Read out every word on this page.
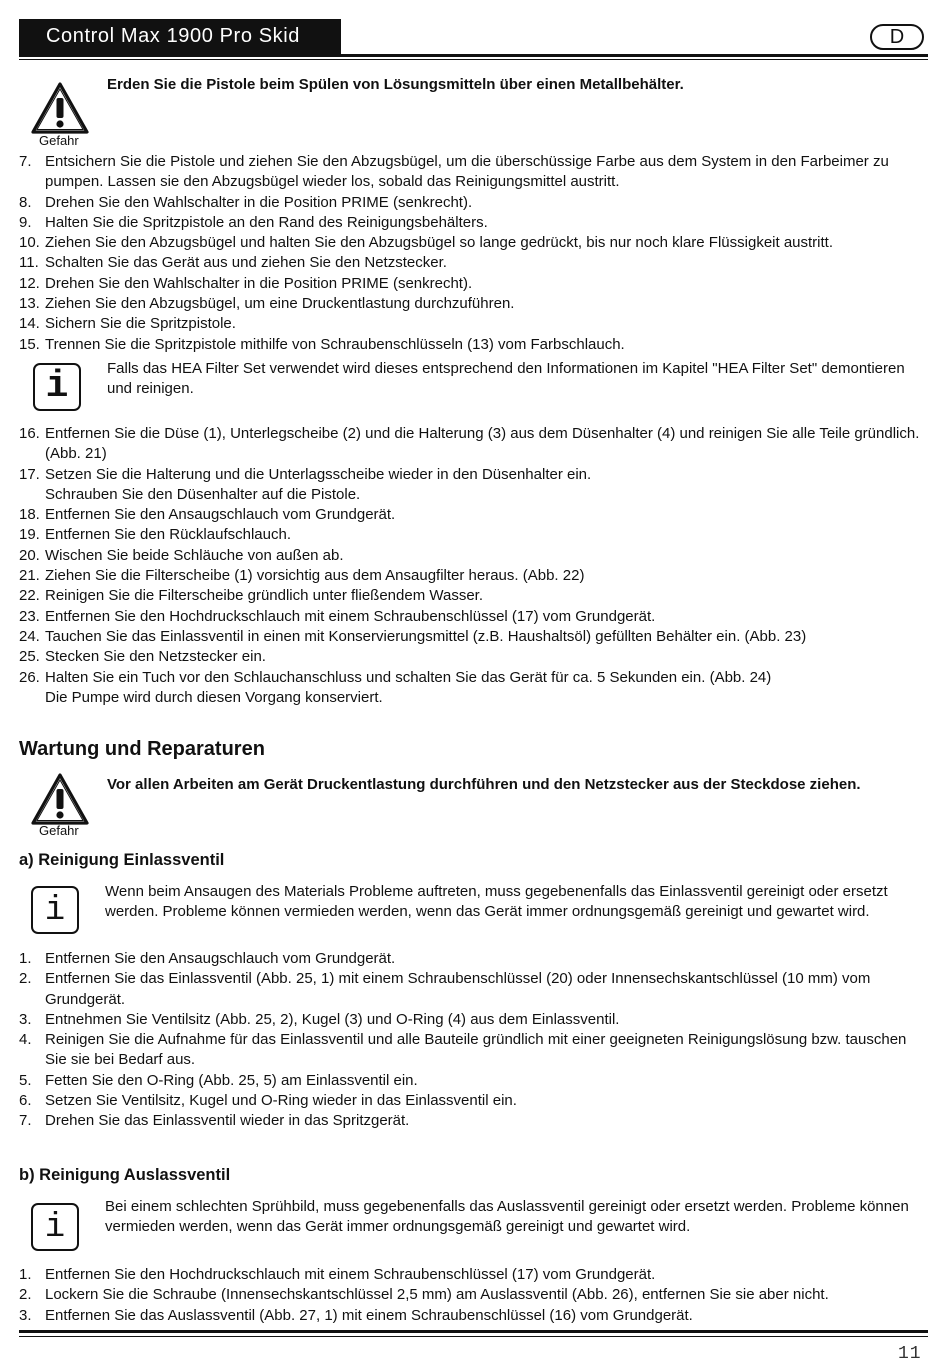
Control Max 1900 Pro Skid	D
Gefahr
Erden Sie die Pistole beim Spülen von Lösungsmitteln über einen Metallbehälter.
7. Entsichern Sie die Pistole und ziehen Sie den Abzugsbügel, um die überschüssige Farbe aus dem System in den Farbeimer zu pumpen. Lassen sie den Abzugsbügel wieder los, sobald das Reinigungsmittel austritt.
8. Drehen Sie den Wahlschalter in die Position PRIME (senkrecht).
9. Halten Sie die Spritzpistole an den Rand des Reinigungsbehälters.
10. Ziehen Sie den Abzugsbügel und halten Sie den Abzugsbügel so lange gedrückt, bis nur noch klare Flüssigkeit austritt.
11. Schalten Sie das Gerät aus und ziehen Sie den Netzstecker.
12. Drehen Sie den Wahlschalter in die Position PRIME (senkrecht).
13. Ziehen Sie den Abzugsbügel, um eine Druckentlastung durchzuführen.
14. Sichern Sie die Spritzpistole.
15. Trennen Sie die Spritzpistole mithilfe von Schraubenschlüsseln (13) vom Farbschlauch.
i	Falls das HEA Filter Set verwendet wird dieses entsprechend den Informationen im Kapitel "HEA Filter Set" demontieren und reinigen.
16. Entfernen Sie die Düse (1), Unterlegscheibe (2) und die Halterung (3) aus dem Düsenhalter (4) und reinigen Sie alle Teile gründlich. (Abb. 21)
17. Setzen Sie die Halterung und die Unterlagsscheibe wieder in den Düsenhalter ein.
Schrauben Sie den Düsenhalter auf die Pistole.
18. Entfernen Sie den Ansaugschlauch vom Grundgerät.
19. Entfernen Sie den Rücklaufschlauch.
20. Wischen Sie beide Schläuche von außen ab.
21. Ziehen Sie die Filterscheibe (1) vorsichtig aus dem Ansaugfilter heraus. (Abb. 22)
22. Reinigen Sie die Filterscheibe gründlich unter fließendem Wasser.
23. Entfernen Sie den Hochdruckschlauch mit einem Schraubenschlüssel (17) vom Grundgerät.
24. Tauchen Sie das Einlassventil in einen mit Konservierungsmittel (z.B. Haushaltsöl) gefüllten Behälter ein. (Abb. 23)
25. Stecken Sie den Netzstecker ein.
26. Halten Sie ein Tuch vor den Schlauchanschluss und schalten Sie das Gerät für ca. 5 Sekunden ein. (Abb. 24)
Die Pumpe wird durch diesen Vorgang konserviert.
Wartung und Reparaturen
Gefahr
Vor allen Arbeiten am Gerät Druckentlastung durchführen und den Netzstecker aus der Steckdose ziehen.
a) Reinigung Einlassventil
i
Wenn beim Ansaugen des Materials Probleme auftreten, muss gegebenenfalls das Einlassventil gereinigt oder ersetzt werden. Probleme können vermieden werden, wenn das Gerät immer ordnungsgemäß gereinigt und gewartet wird.
1. Entfernen Sie den Ansaugschlauch vom Grundgerät.
2. Entfernen Sie das Einlassventil (Abb. 25, 1) mit einem Schraubenschlüssel (20) oder Innensechskantschlüssel (10 mm) vom Grundgerät.
3. Entnehmen Sie Ventilsitz (Abb. 25, 2), Kugel (3) und O-Ring (4) aus dem Einlassventil.
4. Reinigen Sie die Aufnahme für das Einlassventil und alle Bauteile gründlich mit einer geeigneten Reinigungslösung bzw. tauschen Sie sie bei Bedarf aus.
5. Fetten Sie den O-Ring (Abb. 25, 5) am Einlassventil ein.
6. Setzen Sie Ventilsitz, Kugel und O-Ring wieder in das Einlassventil ein.
7. Drehen Sie das Einlassventil wieder in das Spritzgerät.
b) Reinigung Auslassventil
i
Bei einem schlechten Sprühbild, muss gegebenenfalls das Auslassventil gereinigt oder ersetzt werden. Probleme können vermieden werden, wenn das Gerät immer ordnungsgemäß gereinigt und gewartet wird.
1. Entfernen Sie den Hochdruckschlauch mit einem Schraubenschlüssel (17) vom Grundgerät.
2. Lockern Sie die Schraube (Innensechskantschlüssel 2,5 mm) am Auslassventil (Abb. 26), entfernen Sie sie aber nicht.
3. Entfernen Sie das Auslassventil (Abb. 27, 1) mit einem Schraubenschlüssel (16) vom Grundgerät.
11
